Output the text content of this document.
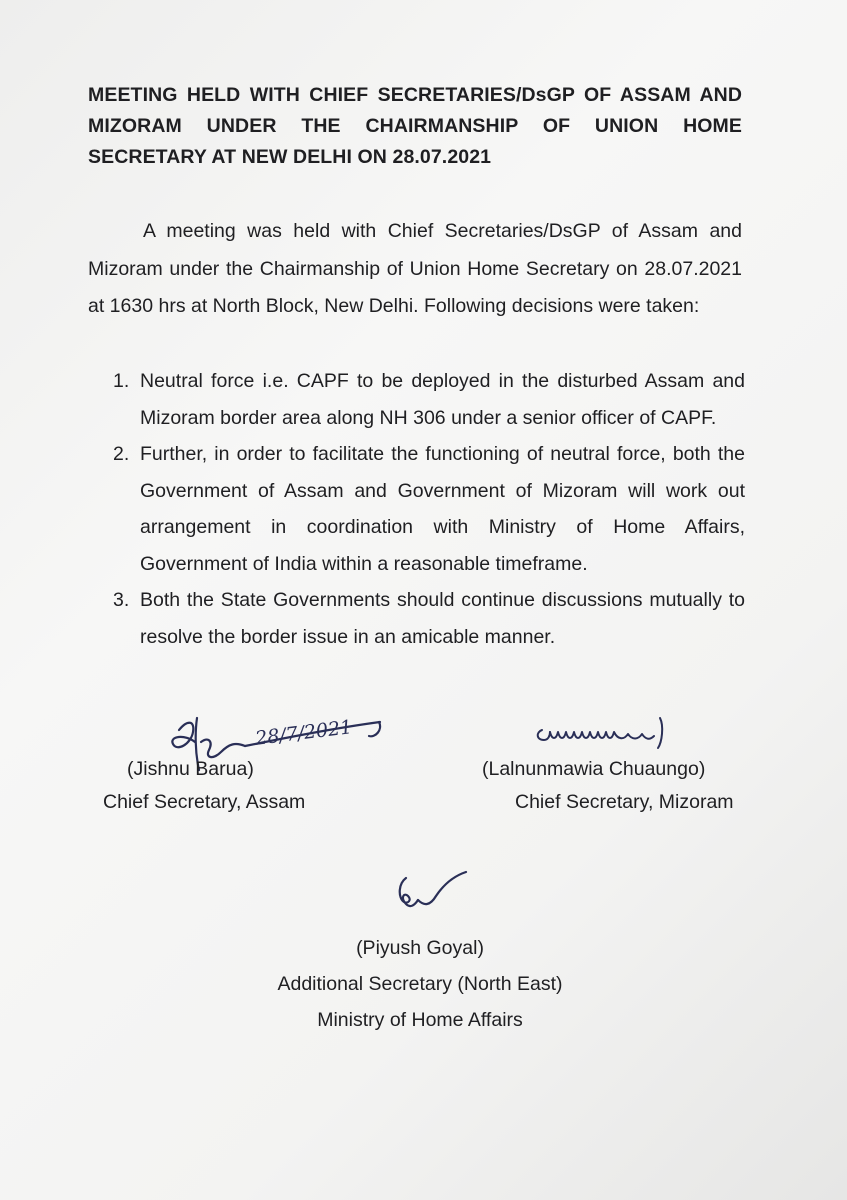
MEETING HELD WITH CHIEF SECRETARIES/DsGP OF ASSAM AND MIZORAM UNDER THE CHAIRMANSHIP OF UNION HOME SECRETARY AT NEW DELHI ON 28.07.2021

A meeting was held with Chief Secretaries/DsGP of Assam and Mizoram under the Chairmanship of Union Home Secretary on 28.07.2021 at 1630 hrs at North Block, New Delhi. Following decisions were taken:

1. Neutral force i.e. CAPF to be deployed in the disturbed Assam and Mizoram border area along NH 306 under a senior officer of CAPF.
2. Further, in order to facilitate the functioning of neutral force, both the Government of Assam and Government of Mizoram will work out arrangement in coordination with Ministry of Home Affairs, Government of India within a reasonable timeframe.
3. Both the State Governments should continue discussions mutually to resolve the border issue in an amicable manner.
28/7/2021
(Jishnu Barua)
Chief Secretary, Assam
(Lalnunmawia Chuaungo)
Chief Secretary, Mizoram
(Piyush Goyal)
Additional Secretary (North East)
Ministry of Home Affairs
